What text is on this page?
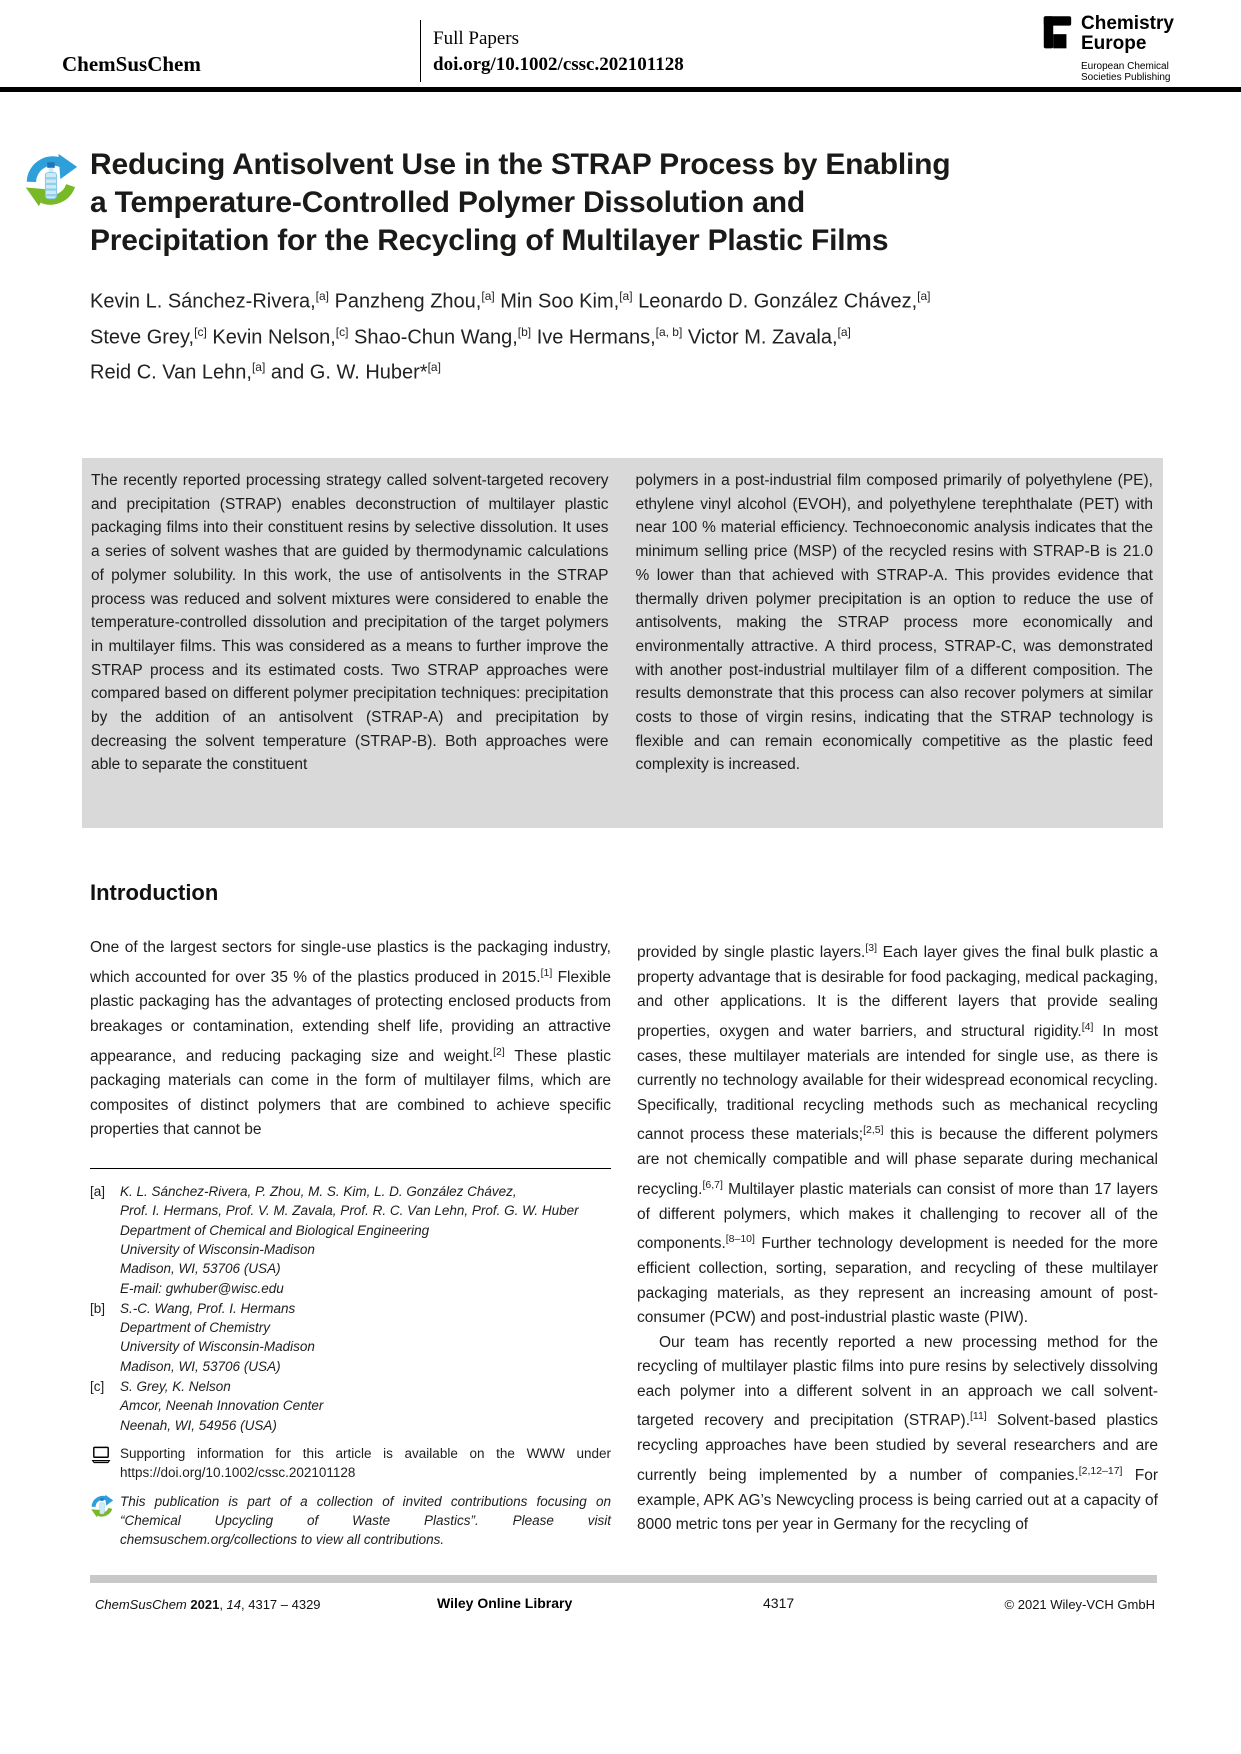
ChemSusChem
Full Papers
doi.org/10.1002/cssc.202101128
Chemistry
Europe
European Chemical
Societies Publishing
Reducing Antisolvent Use in the STRAP Process by Enabling
a Temperature-Controlled Polymer Dissolution and
Precipitation for the Recycling of Multilayer Plastic Films
Kevin L. Sánchez-Rivera,[a] Panzheng Zhou,[a] Min Soo Kim,[a] Leonardo D. González Chávez,[a]
Steve Grey,[c] Kevin Nelson,[c] Shao-Chun Wang,[b] Ive Hermans,[a, b] Victor M. Zavala,[a]
Reid C. Van Lehn,[a] and G. W. Huber*[a]
The recently reported processing strategy called solvent-targeted recovery and precipitation (STRAP) enables deconstruction of multilayer plastic packaging films into their constituent resins by selective dissolution. It uses a series of solvent washes that are guided by thermodynamic calculations of polymer solubility. In this work, the use of antisolvents in the STRAP process was reduced and solvent mixtures were considered to enable the temperature-controlled dissolution and precipitation of the target polymers in multilayer films. This was considered as a means to further improve the STRAP process and its estimated costs. Two STRAP approaches were compared based on different polymer precipitation techniques: precipitation by the addition of an antisolvent (STRAP-A) and precipitation by decreasing the solvent temperature (STRAP-B). Both approaches were able to separate the constituent
polymers in a post-industrial film composed primarily of polyethylene (PE), ethylene vinyl alcohol (EVOH), and polyethylene terephthalate (PET) with near 100 % material efficiency. Technoeconomic analysis indicates that the minimum selling price (MSP) of the recycled resins with STRAP-B is 21.0 % lower than that achieved with STRAP-A. This provides evidence that thermally driven polymer precipitation is an option to reduce the use of antisolvents, making the STRAP process more economically and environmentally attractive. A third process, STRAP-C, was demonstrated with another post-industrial multilayer film of a different composition. The results demonstrate that this process can also recover polymers at similar costs to those of virgin resins, indicating that the STRAP technology is flexible and can remain economically competitive as the plastic feed complexity is increased.
Introduction

One of the largest sectors for single-use plastics is the packaging industry, which accounted for over 35 % of the plastics produced in 2015.[1] Flexible plastic packaging has the advantages of protecting enclosed products from breakages or contamination, extending shelf life, providing an attractive appearance, and reducing packaging size and weight.[2] These plastic packaging materials can come in the form of multilayer films, which are composites of distinct polymers that are combined to achieve specific properties that cannot be

[a]	K. L. Sánchez-Rivera, P. Zhou, M. S. Kim, L. D. González Chávez,
Prof. I. Hermans, Prof. V. M. Zavala, Prof. R. C. Van Lehn, Prof. G. W. Huber
Department of Chemical and Biological Engineering
University of Wisconsin-Madison
Madison, WI, 53706 (USA)
E-mail: gwhuber@wisc.edu
[b]	S.-C. Wang, Prof. I. Hermans
Department of Chemistry
University of Wisconsin-Madison
Madison, WI, 53706 (USA)
[c]	S. Grey, K. Nelson
Amcor, Neenah Innovation Center
Neenah, WI, 54956 (USA)
Supporting information for this article is available on the WWW under https://doi.org/10.1002/cssc.202101128
This publication is part of a collection of invited contributions focusing on “Chemical Upcycling of Waste Plastics”. Please visit chemsuschem.org/collections to view all contributions.

provided by single plastic layers.[3] Each layer gives the final bulk plastic a property advantage that is desirable for food packaging, medical packaging, and other applications. It is the different layers that provide sealing properties, oxygen and water barriers, and structural rigidity.[4] In most cases, these multilayer materials are intended for single use, as there is currently no technology available for their widespread economical recycling. Specifically, traditional recycling methods such as mechanical recycling cannot process these materials;[2,5] this is because the different polymers are not chemically compatible and will phase separate during mechanical recycling.[6,7] Multilayer plastic materials can consist of more than 17 layers of different polymers, which makes it challenging to recover all of the components.[8–10] Further technology development is needed for the more efficient collection, sorting, separation, and recycling of these multilayer packaging materials, as they represent an increasing amount of post-consumer (PCW) and post-industrial plastic waste (PIW).

Our team has recently reported a new processing method for the recycling of multilayer plastic films into pure resins by selectively dissolving each polymer into a different solvent in an approach we call solvent-targeted recovery and precipitation (STRAP).[11] Solvent-based plastics recycling approaches have been studied by several researchers and are currently being implemented by a number of companies.[2,12–17] For example, APK AG’s Newcycling process is being carried out at a capacity of 8000 metric tons per year in Germany for the recycling of

ChemSusChem 2021, 14, 4317 – 4329	Wiley Online Library	4317	© 2021 Wiley-VCH GmbH
